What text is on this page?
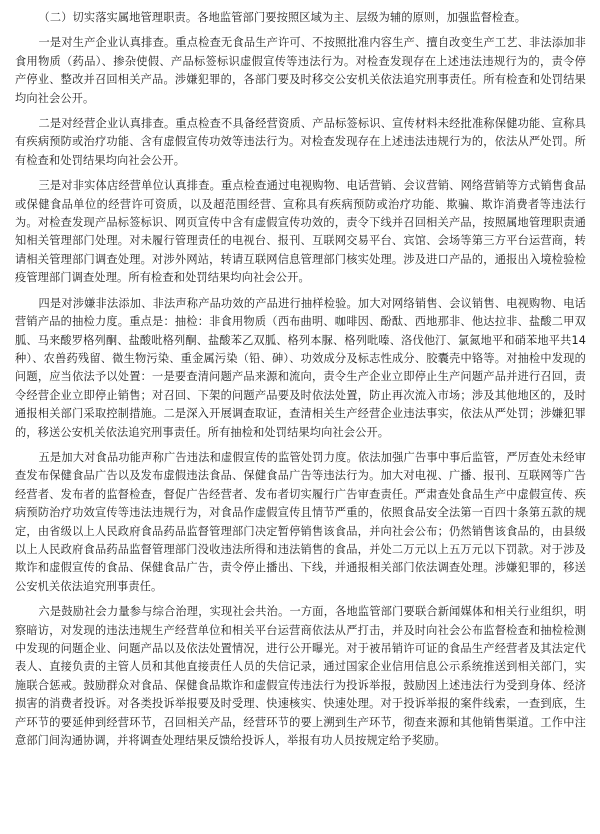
（二）切实落实属地管理职责。各地监管部门要按照区域为主、层级为辅的原则，加强监督检查。

一是对生产企业认真排查。重点检查无食品生产许可、不按照批准内容生产、擅自改变生产工艺、非法添加非食用物质（药品）、掺杂使假、产品标签标识虚假宣传等违法行为。对检查发现存在上述违法违规行为的，责令停产停业、整改并召回相关产品。涉嫌犯罪的，各部门要及时移交公安机关依法追究刑事责任。所有检查和处罚结果均向社会公开。

二是对经营企业认真排查。重点检查不具备经营资质、产品标签标识、宣传材料未经批准称保健功能、宣称具有疾病预防或治疗功能、含有虚假宣传功效等违法行为。对检查发现存在上述违法违规行为的，依法从严处罚。所有检查和处罚结果均向社会公开。

三是对非实体店经营单位认真排查。重点检查通过电视购物、电话营销、会议营销、网络营销等方式销售食品或保健食品单位的经营许可资质，以及超范围经营、宣称具有疾病预防或治疗功能、欺骗、欺诈消费者等违法行为。对检查发现产品标签标识、网页宣传中含有虚假宣传功效的，责令下线并召回相关产品，按照属地管理职责通知相关管理部门处理。对未履行管理责任的电视台、报刊、互联网交易平台、宾馆、会场等第三方平台运营商，转请相关管理部门调查处理。对涉外网站，转请互联网信息管理部门核实处理。涉及进口产品的，通报出入境检验检疫管理部门调查处理。所有检查和处罚结果均向社会公开。

四是对涉嫌非法添加、非法声称产品功效的产品进行抽样检验。加大对网络销售、会议销售、电视购物、电话营销产品的抽检力度。重点是：抽检：非食用物质（西布曲明、咖啡因、酚酞、西地那非、他达拉非、盐酸二甲双胍、马来酸罗格列酮、盐酸吡格列酮、盐酸苯乙双胍、格列本脲、格列吡嗪、洛伐他汀、氯氮地平和硝苯地平共14种）、农兽药残留、微生物污染、重金属污染（铅、砷）、功效成分及标志性成分、胶囊壳中铬等。对抽检中发现的问题，应当依法予以处置：一是要查清问题产品来源和流向，责令生产企业立即停止生产问题产品并进行召回，责令经营企业立即停止销售；对召回、下架的问题产品要及时依法处置，防止再次流入市场；涉及其他地区的，及时通报相关部门采取控制措施。二是深入开展调查取证，查清相关生产经营企业违法事实，依法从严处罚；涉嫌犯罪的，移送公安机关依法追究刑事责任。所有抽检和处罚结果均向社会公开。

五是加大对食品功能声称广告违法和虚假宣传的监管处罚力度。依法加强广告事中事后监管，严厉查处未经审查发布保健食品广告以及发布虚假违法食品、保健食品广告等违法行为。加大对电视、广播、报刊、互联网等广告经营者、发布者的监督检查，督促广告经营者、发布者切实履行广告审查责任。严肃查处食品生产中虚假宣传、疾病预防治疗功效宣传等违法违规行为，对食品作虚假宣传且情节严重的，依照食品安全法第一百四十条第五款的规定，由省级以上人民政府食品药品监督管理部门决定暂停销售该食品，并向社会公布；仍然销售该食品的，由县级以上人民政府食品药品监督管理部门没收违法所得和违法销售的食品，并处二万元以上五万元以下罚款。对于涉及欺诈和虚假宣传的食品、保健食品广告，责令停止播出、下线，并通报相关部门依法调查处理。涉嫌犯罪的，移送公安机关依法追究刑事责任。

六是鼓励社会力量参与综合治理，实现社会共治。一方面，各地监管部门要联合新闻媒体和相关行业组织，明察暗访，对发现的违法违规生产经营单位和相关平台运营商依法从严打击，并及时向社会公布监督检查和抽检检测中发现的问题企业、问题产品以及依法处置情况，进行公开曝光。对于被吊销许可证的食品生产经营者及其法定代表人、直接负责的主管人员和其他直接责任人员的失信记录，通过国家企业信用信息公示系统推送到相关部门，实施联合惩戒。鼓励群众对食品、保健食品欺诈和虚假宣传违法行为投诉举报，鼓励因上述违法行为受到身体、经济损害的消费者投诉。对各类投诉举报要及时受理、快速核实、快速处理。对于投诉举报的案件线索，一查到底，生产环节的要延伸到经营环节，召回相关产品，经营环节的要上溯到生产环节，彻查来源和其他销售渠道。工作中注意部门间沟通协调，并将调查处理结果反馈给投诉人，举报有功人员按规定给予奖励。
